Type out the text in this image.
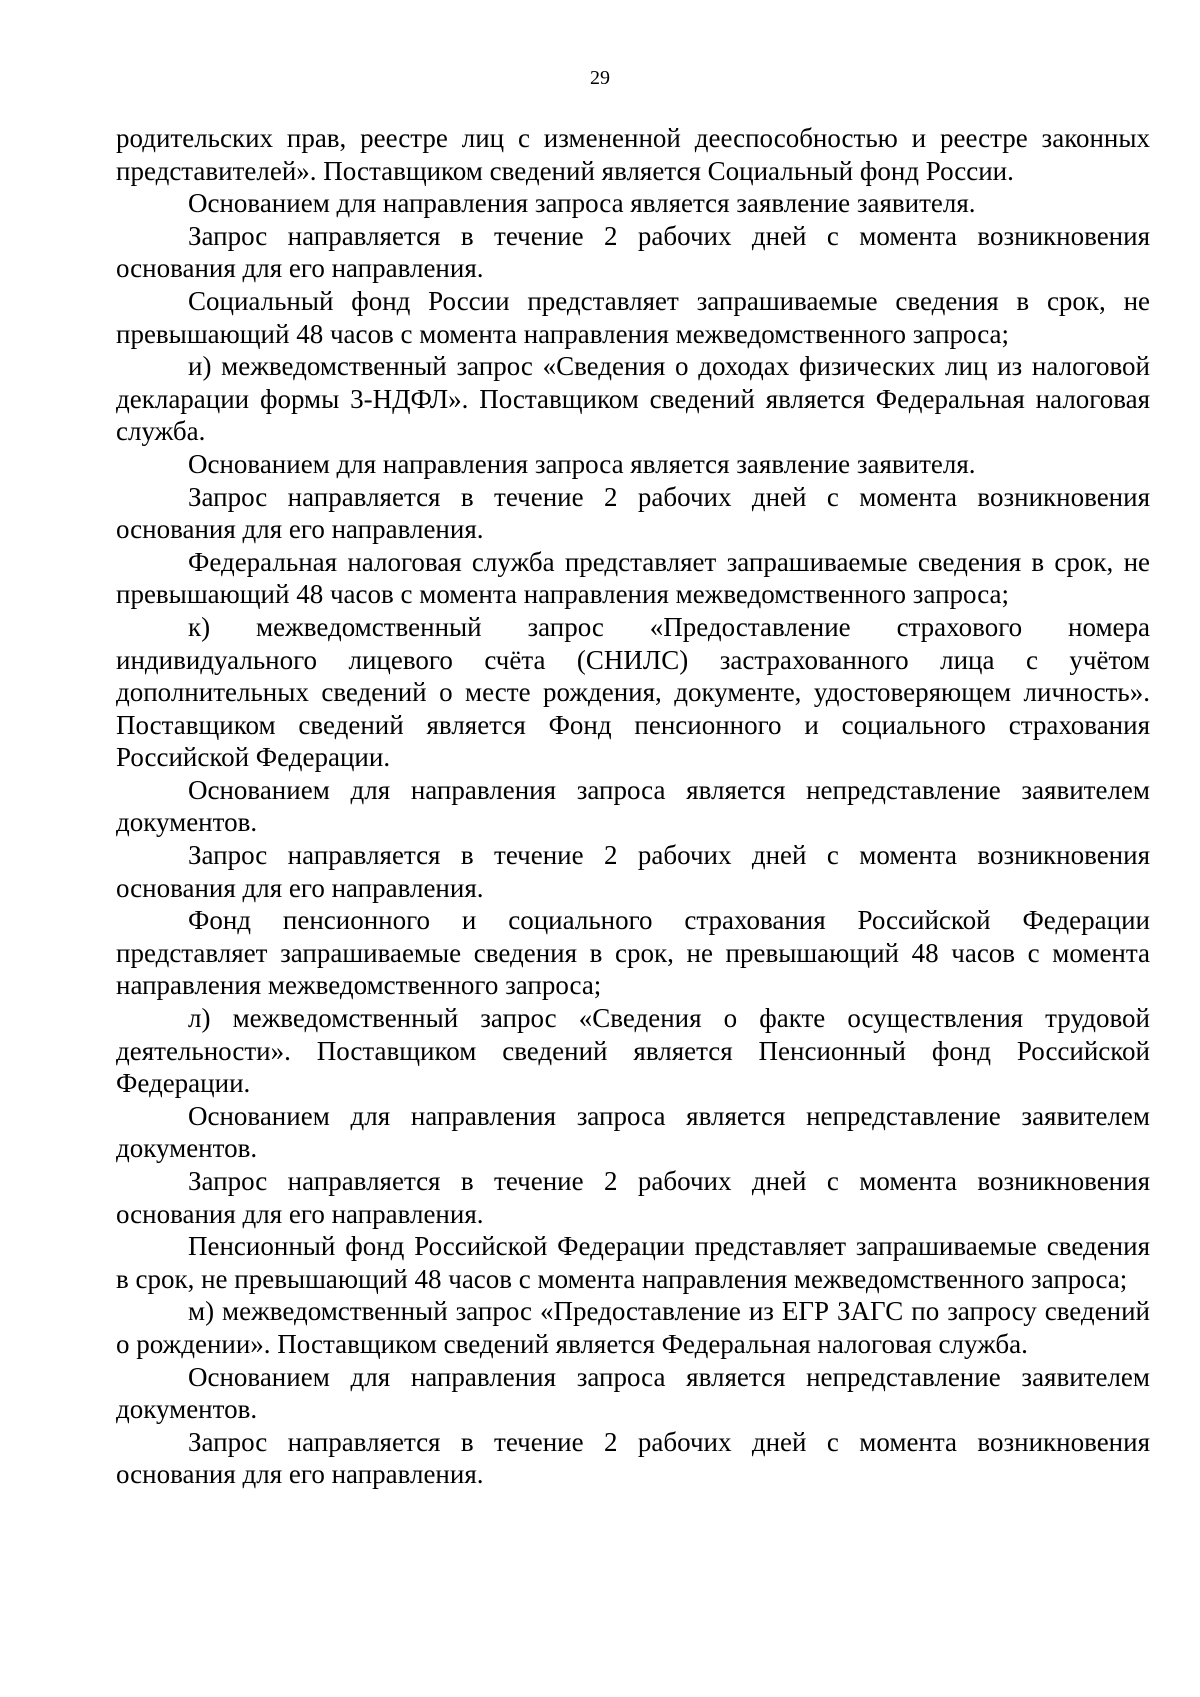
29

родительских прав, реестре лиц с измененной дееспособностью и реестре законных представителей». Поставщиком сведений является Социальный фонд России.

Основанием для направления запроса является заявление заявителя.

Запрос направляется в течение 2 рабочих дней с момента возникновения основания для его направления.

Социальный фонд России представляет запрашиваемые сведения в срок, не превышающий 48 часов с момента направления межведомственного запроса;

и) межведомственный запрос «Сведения о доходах физических лиц из налоговой декларации формы 3-НДФЛ». Поставщиком сведений является Федеральная налоговая служба.

Основанием для направления запроса является заявление заявителя.

Запрос направляется в течение 2 рабочих дней с момента возникновения основания для его направления.

Федеральная налоговая служба представляет запрашиваемые сведения в срок, не превышающий 48 часов с момента направления межведомственного запроса;

к) межведомственный запрос «Предоставление страхового номера индивидуального лицевого счёта (СНИЛС) застрахованного лица с учётом дополнительных сведений о месте рождения, документе, удостоверяющем личность». Поставщиком сведений является Фонд пенсионного и социального страхования Российской Федерации.

Основанием для направления запроса является непредставление заявителем документов.

Запрос направляется в течение 2 рабочих дней с момента возникновения основания для его направления.

Фонд пенсионного и социального страхования Российской Федерации представляет запрашиваемые сведения в срок, не превышающий 48 часов с момента направления межведомственного запроса;

л) межведомственный запрос «Сведения о факте осуществления трудовой деятельности». Поставщиком сведений является Пенсионный фонд Российской Федерации.

Основанием для направления запроса является непредставление заявителем документов.

Запрос направляется в течение 2 рабочих дней с момента возникновения основания для его направления.

Пенсионный фонд Российской Федерации представляет запрашиваемые сведения в срок, не превышающий 48 часов с момента направления межведомственного запроса;

м) межведомственный запрос «Предоставление из ЕГР ЗАГС по запросу сведений о рождении». Поставщиком сведений является Федеральная налоговая служба.

Основанием для направления запроса является непредставление заявителем документов.

Запрос направляется в течение 2 рабочих дней с момента возникновения основания для его направления.
